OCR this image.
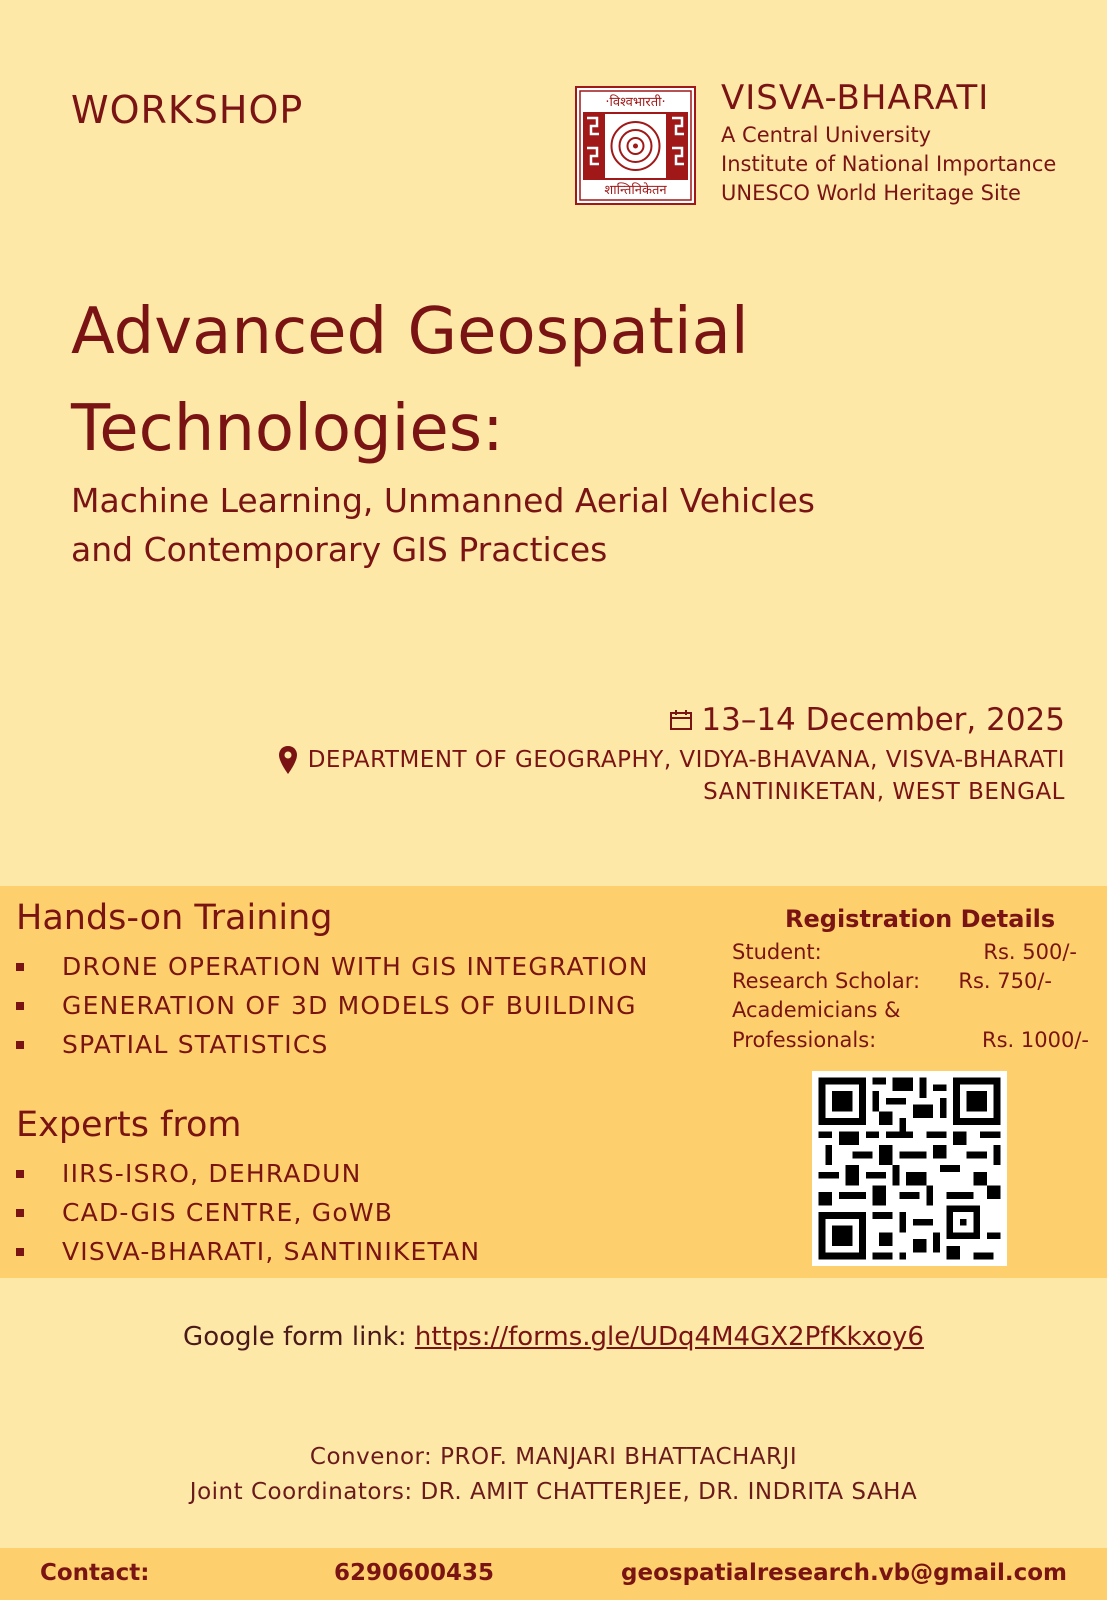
WORKSHOP	·विश्वभारती·
शान्तिनिकेतन
VISVA-BHARATI
A Central University
Institute of National Importance
UNESCO World Heritage Site
Advanced Geospatial
Technologies:
Machine Learning, Unmanned Aerial Vehicles
and Contemporary GIS Practices
13–14 December, 2025
DEPARTMENT OF GEOGRAPHY, VIDYA-BHAVANA, VISVA-BHARATI
SANTINIKETAN, WEST BENGAL
Hands-on Training
DRONE OPERATION WITH GIS INTEGRATION
GENERATION OF 3D MODELS OF BUILDING
SPATIAL STATISTICS
Experts from
IIRS-ISRO, DEHRADUN
CAD-GIS CENTRE, GoWB
VISVA-BHARATI, SANTINIKETAN
Registration Details
Student:	Rs. 500/-
Research Scholar: Rs. 750/-
Academicians &
Professionals:	Rs. 1000/-
Google form link: https://forms.gle/UDq4M4GX2PfKkxoy6
Convenor: PROF. MANJARI BHATTACHARJI
Joint Coordinators: DR. AMIT CHATTERJEE, DR. INDRITA SAHA
Contact:	6290600435	geospatialresearch.vb@gmail.com
